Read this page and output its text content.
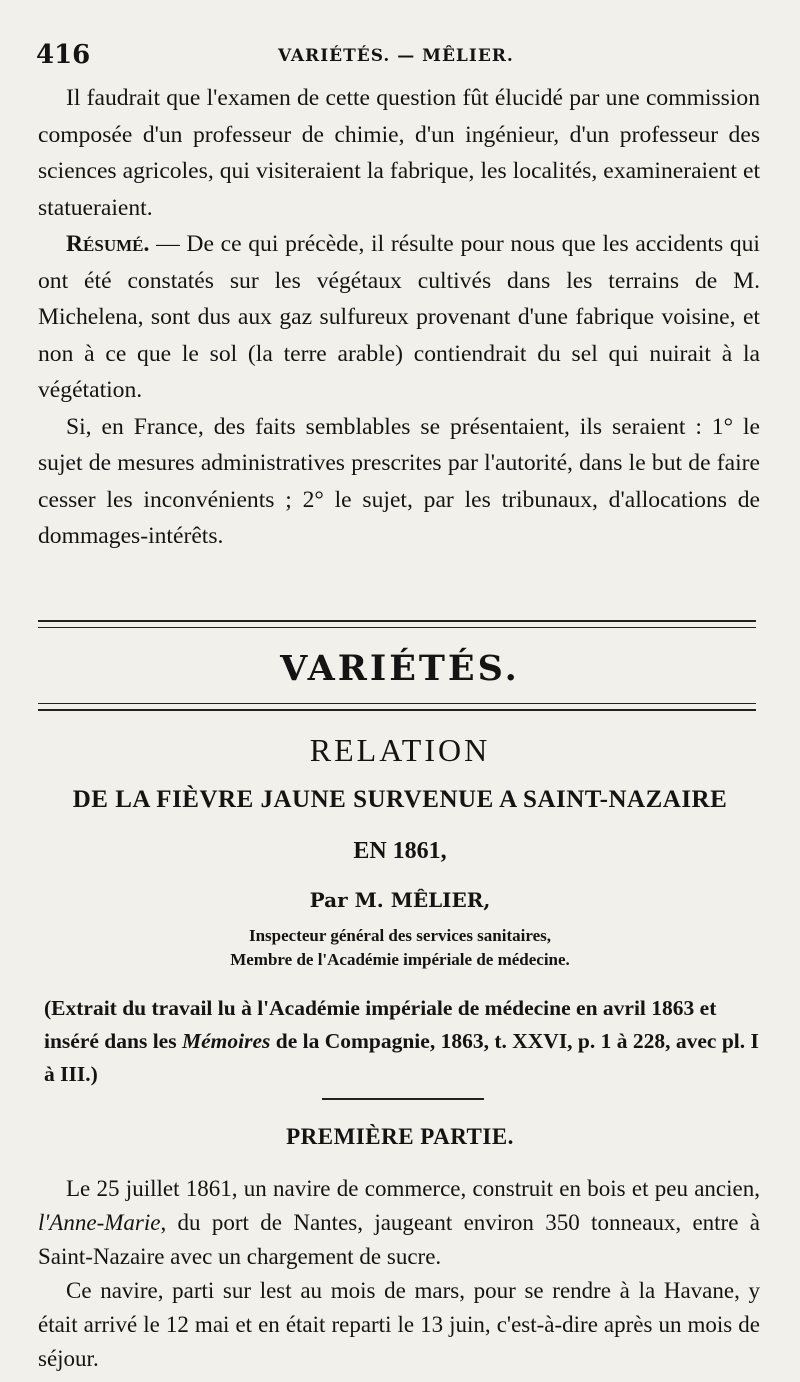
416	VARIÉTÉS. — MÊLIER.

Il faudrait que l'examen de cette question fût élucidé par une commission composée d'un professeur de chimie, d'un ingénieur, d'un professeur des sciences agricoles, qui visiteraient la fabrique, les localités, examineraient et statueraient.

Résumé. — De ce qui précède, il résulte pour nous que les accidents qui ont été constatés sur les végétaux cultivés dans les terrains de M. Michelena, sont dus aux gaz sulfureux provenant d'une fabrique voisine, et non à ce que le sol (la terre arable) contiendrait du sel qui nuirait à la végétation.

Si, en France, des faits semblables se présentaient, ils seraient : 1° le sujet de mesures administratives prescrites par l'autorité, dans le but de faire cesser les inconvénients ; 2° le sujet, par les tribunaux, d'allocations de dommages-intérêts.

VARIÉTÉS.
RELATION
DE LA FIÈVRE JAUNE SURVENUE A SAINT-NAZAIRE
EN 1861,
Par M. MÊLIER,
Inspecteur général des services sanitaires,
Membre de l'Académie impériale de médecine.

(Extrait du travail lu à l'Académie impériale de médecine en avril 1863 et inséré dans les Mémoires de la Compagnie, 1863, t. XXVI, p. 1 à 228, avec pl. I à III.)

PREMIÈRE PARTIE.

Le 25 juillet 1861, un navire de commerce, construit en bois et peu ancien, l'Anne-Marie, du port de Nantes, jaugeant environ 350 tonneaux, entre à Saint-Nazaire avec un chargement de sucre.

Ce navire, parti sur lest au mois de mars, pour se rendre à la Havane, y était arrivé le 12 mai et en était reparti le 13 juin, c'est-à-dire après un mois de séjour.
